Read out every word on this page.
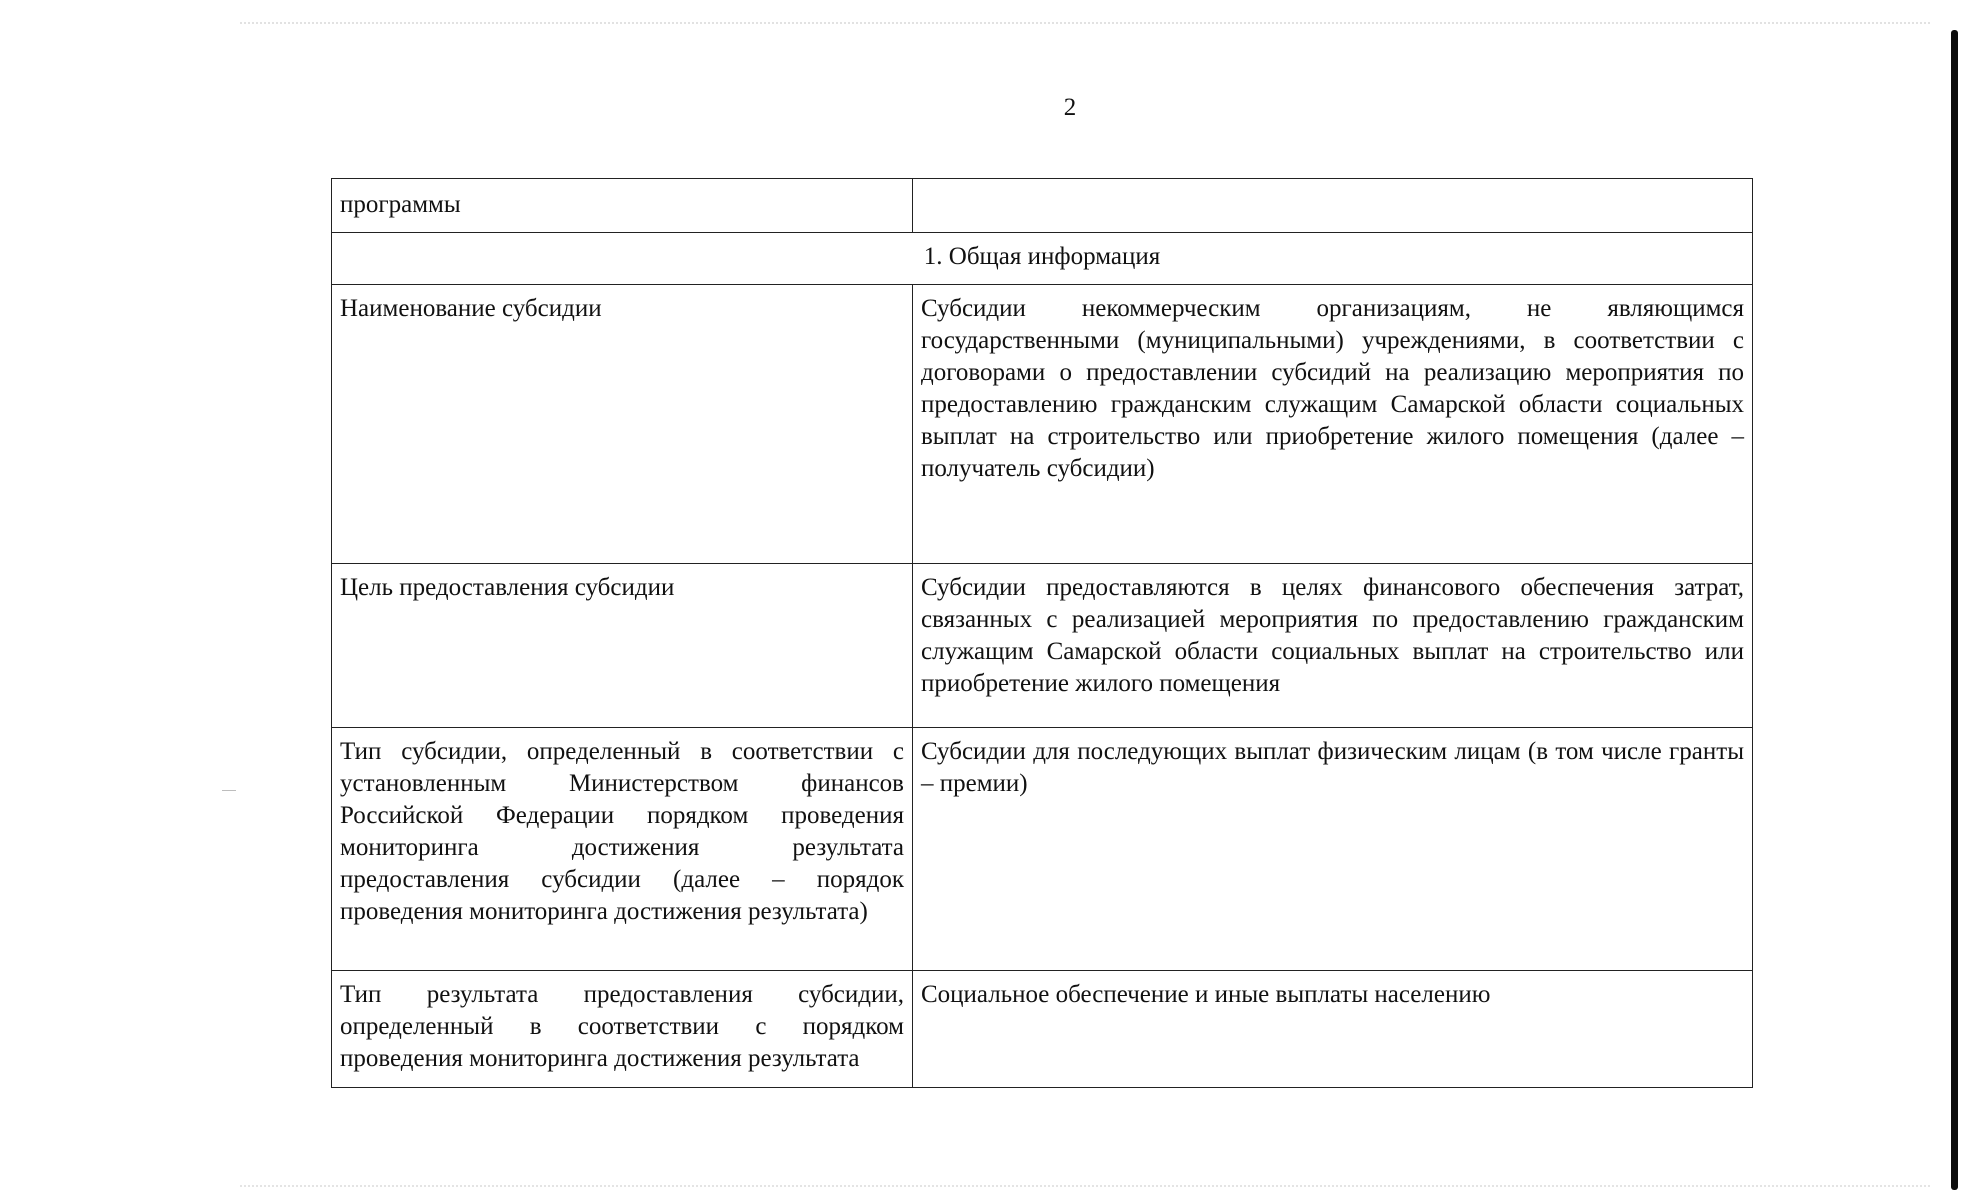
2
программы	
1. Общая информация	
Наименование субсидии	Субсидии некоммерческим организациям, не являющимся государственными (муниципальными) учреждениями, в соответствии с договорами о предоставлении субсидий на реализацию мероприятия по предоставлению гражданским служащим Самарской области социальных выплат на строительство или приобретение жилого помещения (далее – получатель субсидии)
Цель предоставления субсидии	Субсидии предоставляются в целях финансового обеспечения затрат, связанных с реализацией мероприятия по предоставлению гражданским служащим Самарской области социальных выплат на строительство или приобретение жилого помещения
Тип субсидии, определенный в соответствии с установленным Министерством финансов Российской Федерации порядком проведения мониторинга достижения результата предоставления субсидии (далее – порядок проведения мониторинга достижения результата)	Субсидии для последующих выплат физическим лицам (в том числе гранты – премии)
Тип результата предоставления субсидии, определенный в соответствии с порядком проведения мониторинга достижения результата	Социальное обеспечение и иные выплаты населению
